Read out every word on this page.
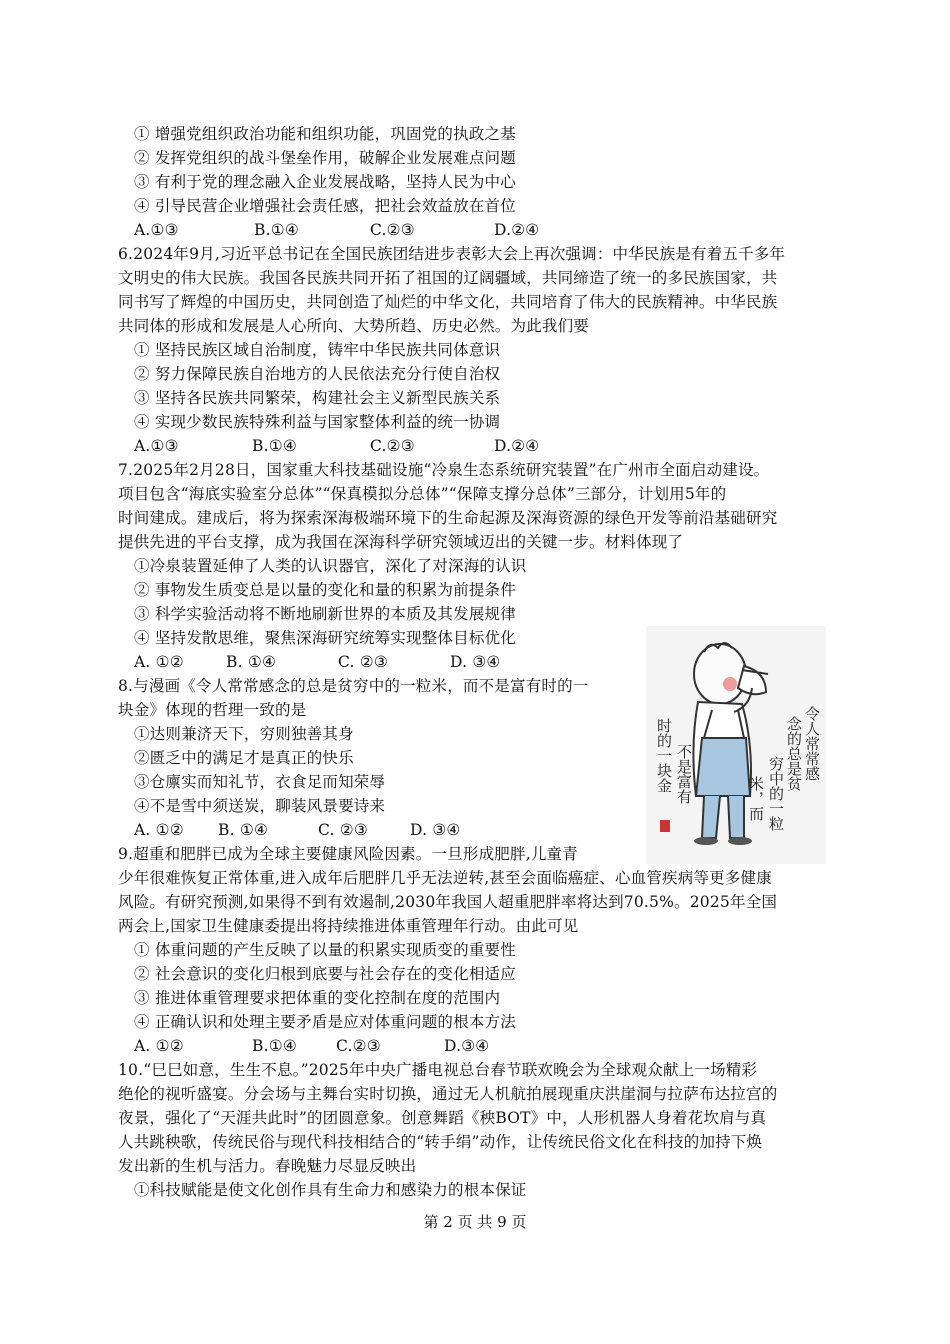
① 增强党组织政治功能和组织功能，巩固党的执政之基
② 发挥党组织的战斗堡垒作用，破解企业发展难点问题
③ 有利于党的理念融入企业发展战略，坚持人民为中心
④ 引导民营企业增强社会责任感，把社会效益放在首位
A.①③	B.①④	C.②③	D.②④
6.2024年9月,习近平总书记在全国民族团结进步表彰大会上再次强调：中华民族是有着五千多年
文明史的伟大民族。我国各民族共同开拓了祖国的辽阔疆域，共同缔造了统一的多民族国家，共
同书写了辉煌的中国历史，共同创造了灿烂的中华文化，共同培育了伟大的民族精神。中华民族
共同体的形成和发展是人心所向、大势所趋、历史必然。为此我们要
① 坚持民族区域自治制度，铸牢中华民族共同体意识
② 努力保障民族自治地方的人民依法充分行使自治权
③ 坚持各民族共同繁荣，构建社会主义新型民族关系
④ 实现少数民族特殊利益与国家整体利益的统一协调
A.①③	B.①④	C.②③	D.②④
7.2025年2月28日，国家重大科技基础设施“冷泉生态系统研究装置”在广州市全面启动建设。
项目包含“海底实验室分总体”“保真模拟分总体”“保障支撑分总体”三部分，计划用5年的
时间建成。建成后，将为探索深海极端环境下的生命起源及深海资源的绿色开发等前沿基础研究
提供先进的平台支撑，成为我国在深海科学研究领域迈出的关键一步。材料体现了
①冷泉装置延伸了人类的认识器官，深化了对深海的认识
② 事物发生质变总是以量的变化和量的积累为前提条件
③ 科学实验活动将不断地刷新世界的本质及其发展规律
④ 坚持发散思维，聚焦深海研究统筹实现整体目标优化
A. ①②	B. ①④	C. ②③	D. ③④
8.与漫画《令人常常感念的总是贫穷中的一粒米，而不是富有时的一
块金》体现的哲理一致的是
①达则兼济天下，穷则独善其身
②匮乏中的满足才是真正的快乐
③仓廪实而知礼节，衣食足而知荣辱
④不是雪中须送炭，聊装风景要诗来
A. ①② B. ①④	C. ②③	D. ③④
令人常常感
念的总是贫
穷中的一粒
米，而
不是富有
时的一块金
9.超重和肥胖已成为全球主要健康风险因素。一旦形成肥胖,儿童青
少年很难恢复正常体重,进入成年后肥胖几乎无法逆转,甚至会面临癌症、心血管疾病等更多健康
风险。有研究预测,如果得不到有效遏制,2030年我国人超重肥胖率将达到70.5%。2025年全国
两会上,国家卫生健康委提出将持续推进体重管理年行动。由此可见
① 体重问题的产生反映了以量的积累实现质变的重要性
② 社会意识的变化归根到底要与社会存在的变化相适应
③ 推进体重管理要求把体重的变化控制在度的范围内
④ 正确认识和处理主要矛盾是应对体重问题的根本方法
A. ①②	B.①④	C.②③	D.③④
10.“巳巳如意，生生不息。”2025年中央广播电视总台春节联欢晚会为全球观众献上一场精彩
绝伦的视听盛宴。分会场与主舞台实时切换，通过无人机航拍展现重庆洪崖洞与拉萨布达拉宫的
夜景，强化了“天涯共此时”的团圆意象。创意舞蹈《秧BOT》中，人形机器人身着花坎肩与真
人共跳秧歌，传统民俗与现代科技相结合的“转手绢”动作，让传统民俗文化在科技的加持下焕
发出新的生机与活力。春晚魅力尽显反映出
①科技赋能是使文化创作具有生命力和感染力的根本保证
第 2 页 共 9 页
